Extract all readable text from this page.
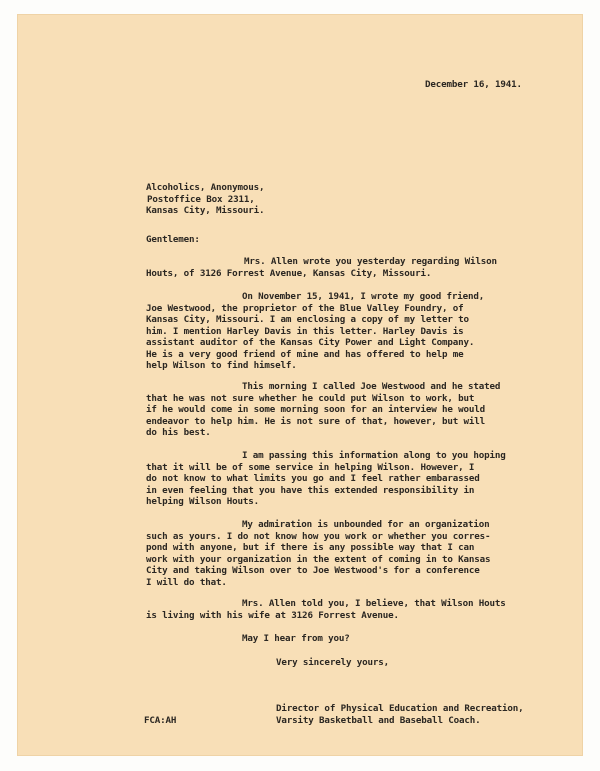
December 16, 1941.
Alcoholics, Anonymous,
Postoffice Box 2311,
Kansas City, Missouri.
Gentlemen:
Mrs. Allen wrote you yesterday regarding Wilson
Houts, of 3126 Forrest Avenue, Kansas City, Missouri.
On November 15, 1941, I wrote my good friend,
Joe Westwood, the proprietor of the Blue Valley Foundry, of
Kansas City, Missouri. I am enclosing a copy of my letter to
him. I mention Harley Davis in this letter. Harley Davis is
assistant auditor of the Kansas City Power and Light Company.
He is a very good friend of mine and has offered to help me
help Wilson to find himself.
This morning I called Joe Westwood and he stated
that he was not sure whether he could put Wilson to work, but
if he would come in some morning soon for an interview he would
endeavor to help him. He is not sure of that, however, but will
do his best.
I am passing this information along to you hoping
that it will be of some service in helping Wilson. However, I
do not know to what limits you go and I feel rather embarassed
in even feeling that you have this extended responsibility in
helping Wilson Houts.
My admiration is unbounded for an organization
such as yours. I do not know how you work or whether you corres-
pond with anyone, but if there is any possible way that I can
work with your organization in the extent of coming in to Kansas
City and taking Wilson over to Joe Westwood's for a conference
I will do that.
Mrs. Allen told you, I believe, that Wilson Houts
is living with his wife at 3126 Forrest Avenue.
May I hear from you?
Very sincerely yours,
FCA:AH
Director of Physical Education and Recreation,
Varsity Basketball and Baseball Coach.
